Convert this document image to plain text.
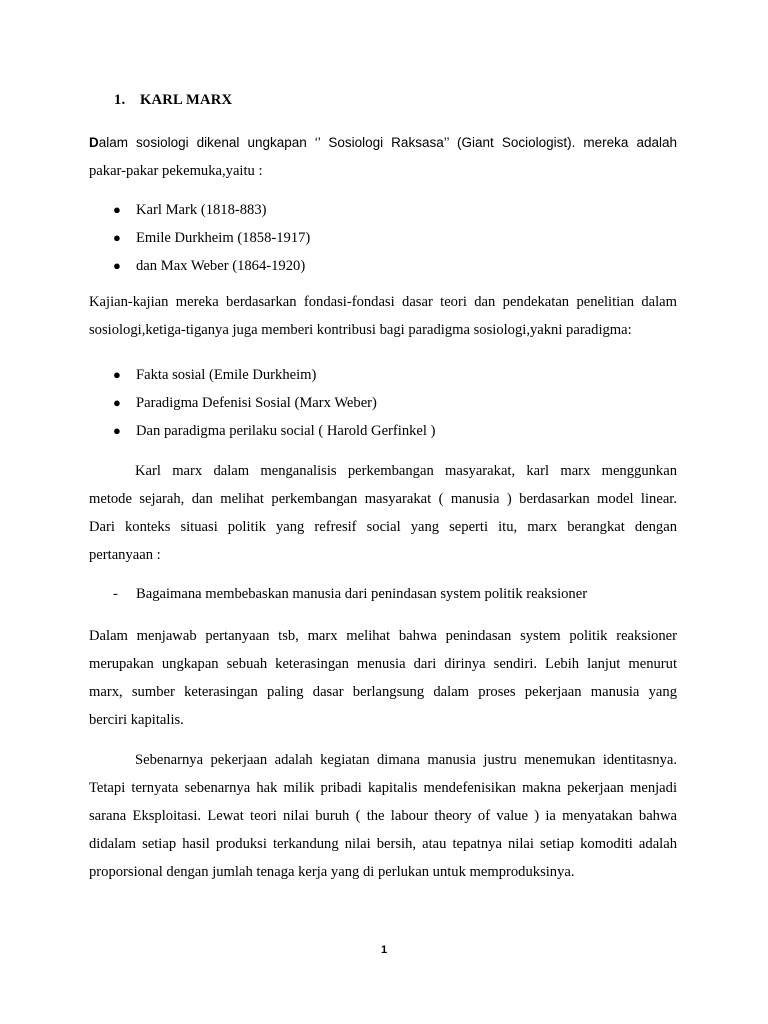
1. KARL MARX
Dalam sosiologi dikenal ungkapan ‘’ Sosiologi Raksasa’’ (Giant Sociologist). mereka adalah
pakar-pakar pekemuka,yaitu :
● Karl Mark (1818-883)
● Emile Durkheim (1858-1917)
● dan Max Weber (1864-1920)
Kajian-kajian mereka berdasarkan fondasi-fondasi dasar teori dan pendekatan penelitian dalam
sosiologi,ketiga-tiganya juga memberi kontribusi bagi paradigma sosiologi,yakni paradigma:
● Fakta sosial (Emile Durkheim)
● Paradigma Defenisi Sosial (Marx Weber)
● Dan paradigma perilaku social ( Harold Gerfinkel )
Karl marx dalam menganalisis perkembangan masyarakat, karl marx menggunkan
metode sejarah, dan melihat perkembangan masyarakat ( manusia ) berdasarkan model linear.
Dari konteks situasi politik yang refresif social yang seperti itu, marx berangkat dengan
pertanyaan :
- Bagaimana membebaskan manusia dari penindasan system politik reaksioner
Dalam menjawab pertanyaan tsb, marx melihat bahwa penindasan system politik reaksioner
merupakan ungkapan sebuah keterasingan menusia dari dirinya sendiri. Lebih lanjut menurut
marx, sumber keterasingan paling dasar berlangsung dalam proses pekerjaan manusia yang
berciri kapitalis.
Sebenarnya pekerjaan adalah kegiatan dimana manusia justru menemukan identitasnya.
Tetapi ternyata sebenarnya hak milik pribadi kapitalis mendefenisikan makna pekerjaan menjadi
sarana Eksploitasi. Lewat teori nilai buruh ( the labour theory of value ) ia menyatakan bahwa
didalam setiap hasil produksi terkandung nilai bersih, atau tepatnya nilai setiap komoditi adalah
proporsional dengan jumlah tenaga kerja yang di perlukan untuk memproduksinya.
1
